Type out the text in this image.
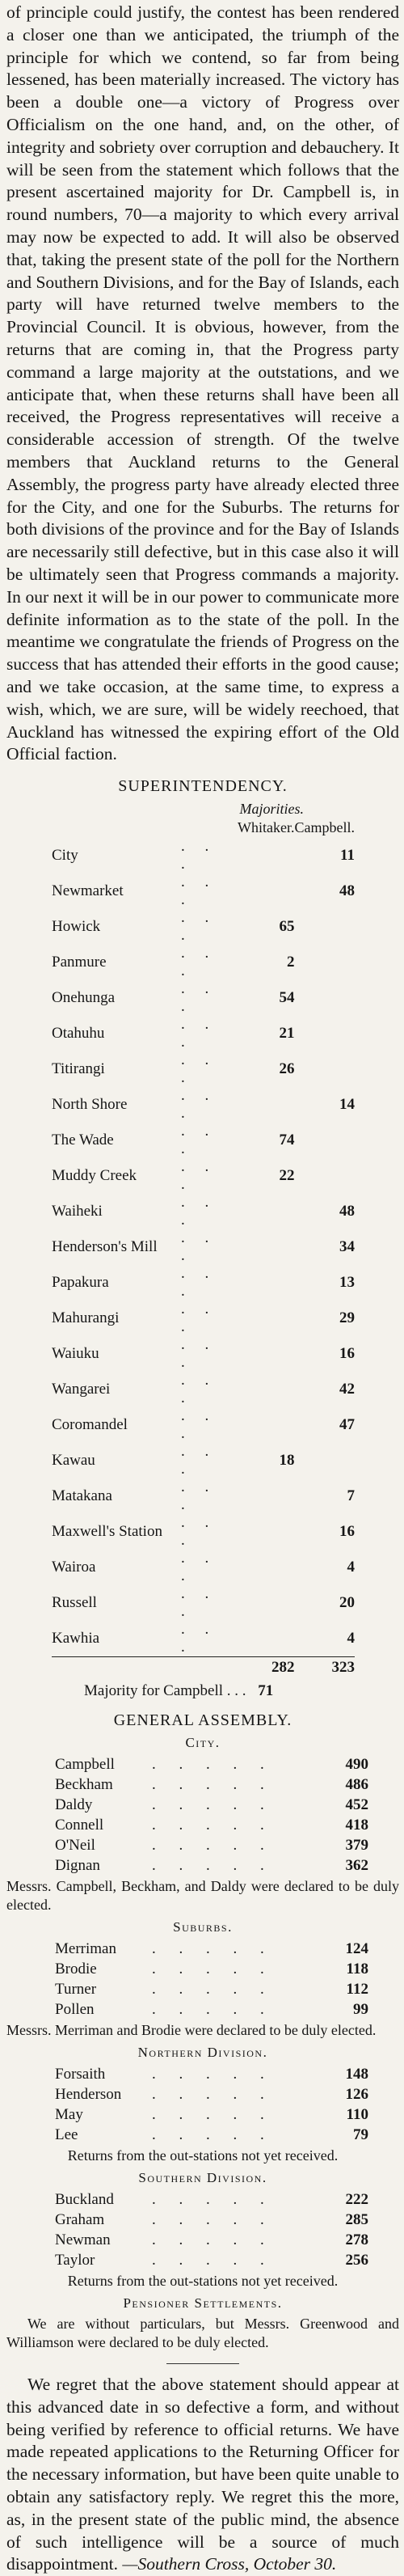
of principle could justify, the contest has been rendered a closer one than we anticipated, the triumph of the principle for which we contend, so far from being lessened, has been materially increased. The victory has been a double one—a victory of Progress over Officialism on the one hand, and, on the other, of integrity and sobriety over corruption and debauchery. It will be seen from the statement which follows that the present ascertained majority for Dr. Campbell is, in round numbers, 70—a majority to which every arrival may now be expected to add. It will also be observed that, taking the present state of the poll for the Northern and Southern Divisions, and for the Bay of Islands, each party will have returned twelve members to the Provincial Council. It is obvious, however, from the returns that are coming in, that the Progress party command a large majority at the outstations, and we anticipate that, when these returns shall have been all received, the Progress representatives will receive a considerable accession of strength. Of the twelve members that Auckland returns to the General Assembly, the progress party have already elected three for the City, and one for the Suburbs. The returns for both divisions of the province and for the Bay of Islands are necessarily still defective, but in this case also it will be ultimately seen that Progress commands a majority. In our next it will be in our power to communicate more definite information as to the state of the poll. In the meantime we congratulate the friends of Progress on the success that has attended their efforts in the good cause; and we take occasion, at the same time, to express a wish, which, we are sure, will be widely reechoed, that Auckland has witnessed the expiring effort of the Old Official faction.

SUPERINTENDENCY.
Majorities.
		Whitaker.	Campbell.
City	. . .		11
Newmarket	. . .		48
Howick	. . .	65	
Panmure	. . .	2	
Onehunga	. . .	54	
Otahuhu	. . .	21	
Titirangi	. . .	26	
North Shore	. . .		14
The Wade	. . .	74	
Muddy Creek	. . .	22	
Waiheki	. . .		48
Henderson's Mill	. . .		34
Papakura	. . .		13
Mahurangi	. . .		29
Waiuku	. . .		16
Wangarei	. . .		42
Coromandel	. . .		47
Kawau	. . .	18	
Matakana	. . .		7
Maxwell's Station	. . .		16
Wairoa	. . .		4
Russell	. . .		20
Kawhia	. . .		4
		282	323
Majority for Campbell . . . 71
GENERAL ASSEMBLY.
City.
Campbell	. . . . .	490
Beckham	. . . . .	486
Daldy	. . . . .	452
Connell	. . . . .	418
O'Neil	. . . . .	379
Dignan	. . . . .	362

Messrs. Campbell, Beckham, and Daldy were declared to be duly elected.

Suburbs.
Merriman	. . . . .	124
Brodie	. . . . .	118
Turner	. . . . .	112
Pollen	. . . . .	99

Messrs. Merriman and Brodie were declared to be duly elected.

Northern Division.
Forsaith	. . . . .	148
Henderson	. . . . .	126
May	. . . . .	110
Lee	. . . . .	79

Returns from the out-stations not yet received.

Southern Division.
Buckland	. . . . .	222
Graham	. . . . .	285
Newman	. . . . .	278
Taylor	. . . . .	256

Returns from the out-stations not yet received.

Pensioner Settlements.

We are without particulars, but Messrs. Greenwood and Williamson were declared to be duly elected.

We regret that the above statement should appear at this advanced date in so defective a form, and without being verified by reference to official returns. We have made repeated applications to the Returning Officer for the necessary information, but have been quite unable to obtain any satisfactory reply. We regret this the more, as, in the present state of the public mind, the absence of such intelligence will be a source of much disappointment. —Southern Cross, October 30.
